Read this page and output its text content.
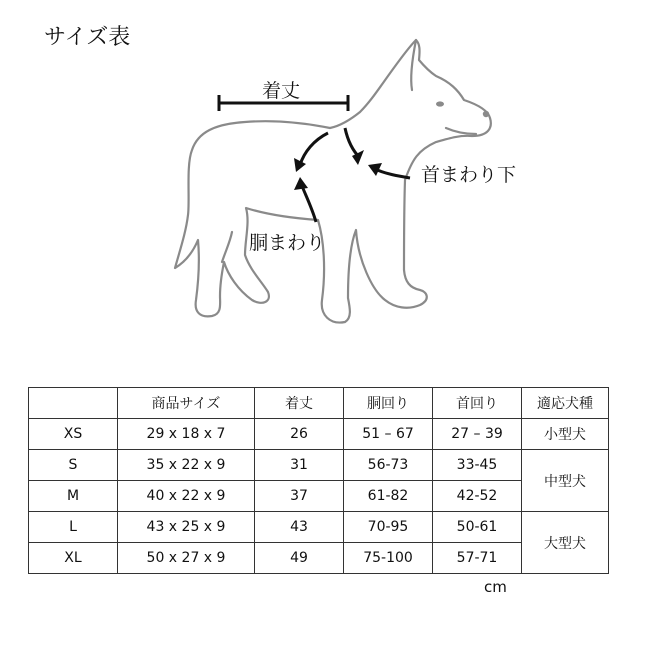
サイズ表
着丈
首まわり下
胴まわり
	商品サイズ	着丈	胴回り	首回り	適応犬種
XS	29 x 18 x 7	26	51 – 67	27 – 39	小型犬
S	35 x 22 x 9	31	56-73	33-45	中型犬
M	40 x 22 x 9	37	61-82	42-52	
L	43 x 25 x 9	43	70-95	50-61	大型犬
XL	50 x 27 x 9	49	75-100	57-71	
cm
